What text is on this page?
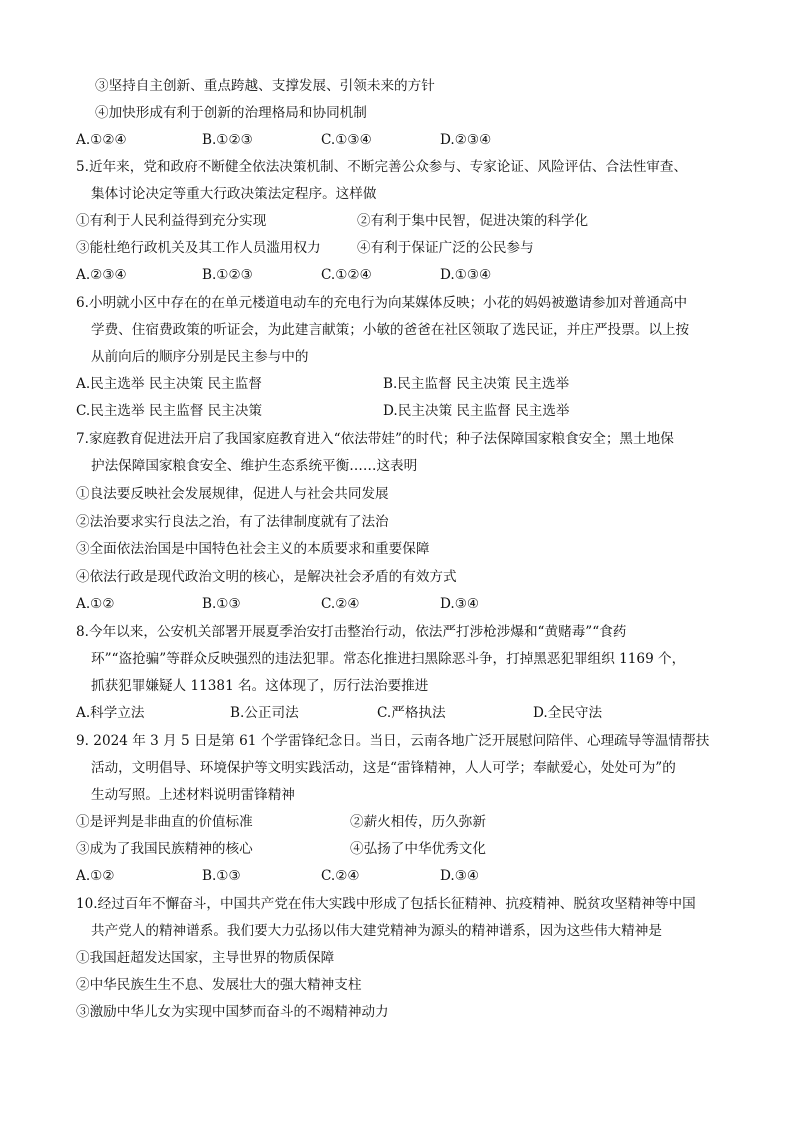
③坚持自主创新、重点跨越、支撑发展、引领未来的方针
④加快形成有利于创新的治理格局和协同机制
A.①②④	B.①②③	C.①③④	D.②③④
5.近年来，党和政府不断健全依法决策机制、不断完善公众参与、专家论证、风险评估、合法性审查、
集体讨论决定等重大行政决策法定程序。这样做
①有利于人民利益得到充分实现	②有利于集中民智，促进决策的科学化
③能杜绝行政机关及其工作人员滥用权力	④有利于保证广泛的公民参与
A.②③④	B.①②③	C.①②④	D.①③④
6.小明就小区中存在的在单元楼道电动车的充电行为向某媒体反映；小花的妈妈被邀请参加对普通高中
学费、住宿费政策的听证会，为此建言献策；小敏的爸爸在社区领取了选民证，并庄严投票。以上按
从前向后的顺序分别是民主参与中的
A.民主选举 民主决策 民主监督	B.民主监督 民主决策 民主选举
C.民主选举 民主监督 民主决策	D.民主决策 民主监督 民主选举
7.家庭教育促进法开启了我国家庭教育进入“依法带娃”的时代；种子法保障国家粮食安全；黑土地保
护法保障国家粮食安全、维护生态系统平衡……这表明
①良法要反映社会发展规律，促进人与社会共同发展
②法治要求实行良法之治，有了法律制度就有了法治
③全面依法治国是中国特色社会主义的本质要求和重要保障
④依法行政是现代政治文明的核心，是解决社会矛盾的有效方式
A.①②	B.①③	C.②④	D.③④
8.今年以来，公安机关部署开展夏季治安打击整治行动，依法严打涉枪涉爆和“黄赌毒”“食药
环”“盗抢骗”等群众反映强烈的违法犯罪。常态化推进扫黑除恶斗争，打掉黑恶犯罪组织 1169 个，
抓获犯罪嫌疑人 11381 名。这体现了，厉行法治要推进
A.科学立法	B.公正司法	C.严格执法	D.全民守法
9. 2024 年 3 月 5 日是第 61 个学雷锋纪念日。当日，云南各地广泛开展慰问陪伴、心理疏导等温情帮扶
活动，文明倡导、环境保护等文明实践活动，这是“雷锋精神，人人可学；奉献爱心，处处可为”的
生动写照。上述材料说明雷锋精神
①是评判是非曲直的价值标准	②薪火相传，历久弥新
③成为了我国民族精神的核心	④弘扬了中华优秀文化
A.①②	B.①③	C.②④	D.③④
10.经过百年不懈奋斗，中国共产党在伟大实践中形成了包括长征精神、抗疫精神、脱贫攻坚精神等中国
共产党人的精神谱系。我们要大力弘扬以伟大建党精神为源头的精神谱系，因为这些伟大精神是
①我国赶超发达国家，主导世界的物质保障
②中华民族生生不息、发展壮大的强大精神支柱
③激励中华儿女为实现中国梦而奋斗的不竭精神动力
